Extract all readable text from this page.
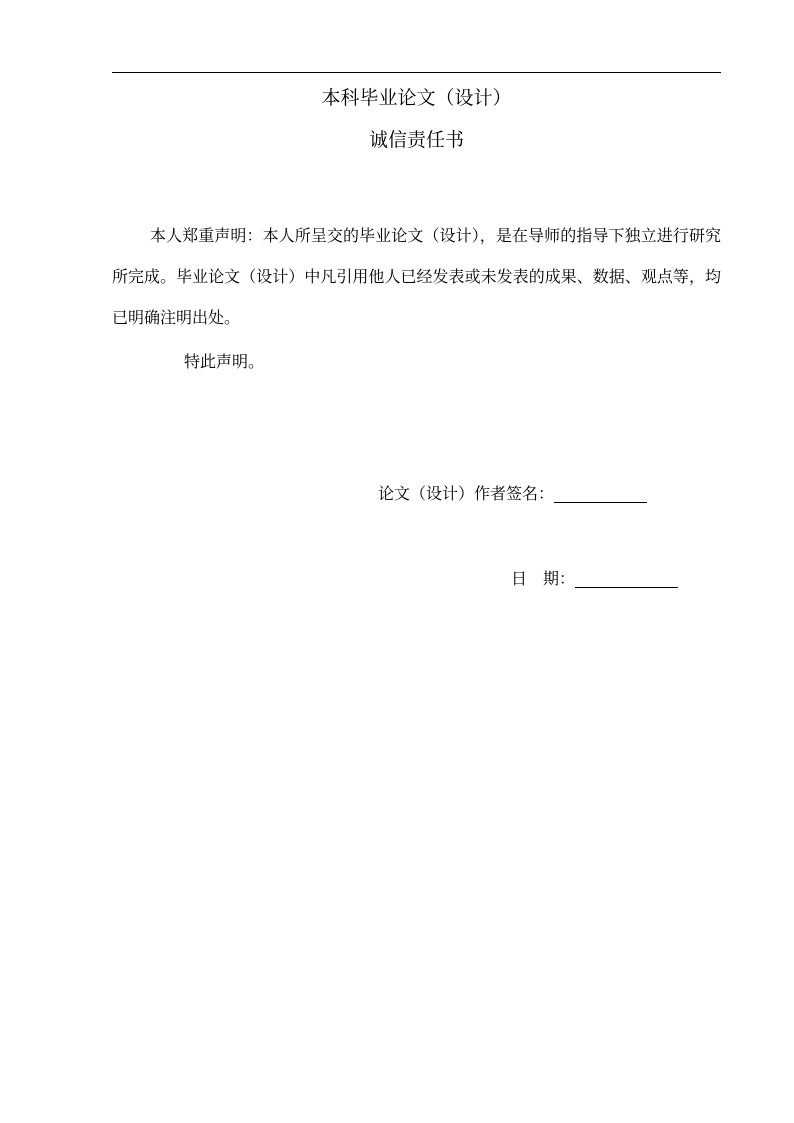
本科毕业论文（设计）
诚信责任书

本人郑重声明：本人所呈交的毕业论文（设计），是在导师的指导下独立进行研究所完成。毕业论文（设计）中凡引用他人已经发表或未发表的成果、数据、观点等，均已明确注明出处。

特此声明。
论文（设计）作者签名：
日　期：
